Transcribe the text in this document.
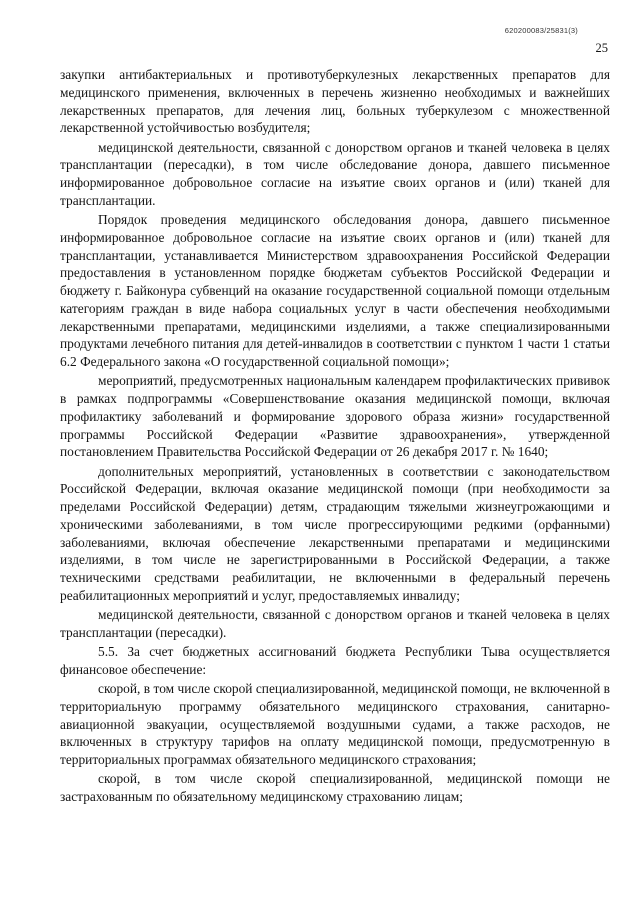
620200083/25831(3)
25

закупки антибактериальных и противотуберкулезных лекарственных препаратов для медицинского применения, включенных в перечень жизненно необходимых и важнейших лекарственных препаратов, для лечения лиц, больных туберкулезом с множественной лекарственной устойчивостью возбудителя;

медицинской деятельности, связанной с донорством органов и тканей человека в целях трансплантации (пересадки), в том числе обследование донора, давшего письменное информированное добровольное согласие на изъятие своих органов и (или) тканей для трансплантации.

Порядок проведения медицинского обследования донора, давшего письменное информированное добровольное согласие на изъятие своих органов и (или) тканей для трансплантации, устанавливается Министерством здравоохранения Российской Федерации предоставления в установленном порядке бюджетам субъектов Российской Федерации и бюджету г. Байконура субвенций на оказание государственной социальной помощи отдельным категориям граждан в виде набора социальных услуг в части обеспечения необходимыми лекарственными препаратами, медицинскими изделиями, а также специализированными продуктами лечебного питания для детей-инвалидов в соответствии с пунктом 1 части 1 статьи 6.2 Федерального закона «О государственной социальной помощи»;

мероприятий, предусмотренных национальным календарем профилактических прививок в рамках подпрограммы «Совершенствование оказания медицинской помощи, включая профилактику заболеваний и формирование здорового образа жизни» государственной программы Российской Федерации «Развитие здравоохранения», утвержденной постановлением Правительства Российской Федерации от 26 декабря 2017 г. № 1640;

дополнительных мероприятий, установленных в соответствии с законодательством Российской Федерации, включая оказание медицинской помощи (при необходимости за пределами Российской Федерации) детям, страдающим тяжелыми жизнеугрожающими и хроническими заболеваниями, в том числе прогрессирующими редкими (орфанными) заболеваниями, включая обеспечение лекарственными препаратами и медицинскими изделиями, в том числе не зарегистрированными в Российской Федерации, а также техническими средствами реабилитации, не включенными в федеральный перечень реабилитационных мероприятий и услуг, предоставляемых инвалиду;

медицинской деятельности, связанной с донорством органов и тканей человека в целях трансплантации (пересадки).

5.5. За счет бюджетных ассигнований бюджета Республики Тыва осуществляется финансовое обеспечение:

скорой, в том числе скорой специализированной, медицинской помощи, не включенной в территориальную программу обязательного медицинского страхования, санитарно-авиационной эвакуации, осуществляемой воздушными судами, а также расходов, не включенных в структуру тарифов на оплату медицинской помощи, предусмотренную в территориальных программах обязательного медицинского страхования;

скорой, в том числе скорой специализированной, медицинской помощи не застрахованным по обязательному медицинскому страхованию лицам;
